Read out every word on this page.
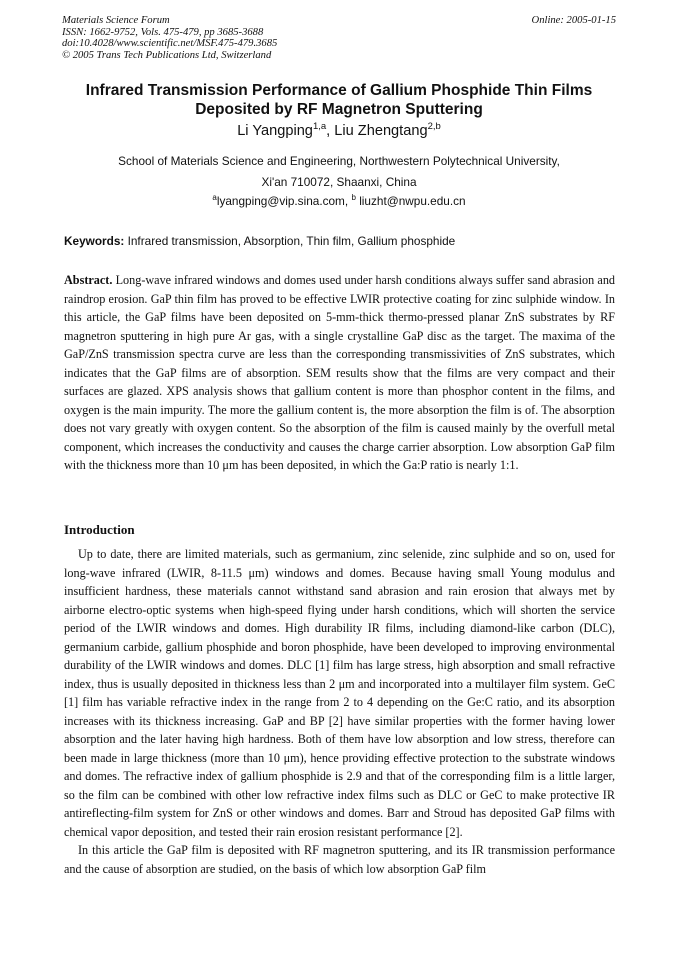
Materials Science Forum
ISSN: 1662-9752, Vols. 475-479, pp 3685-3688
doi:10.4028/www.scientific.net/MSF.475-479.3685
© 2005 Trans Tech Publications Ltd, Switzerland
Online: 2005-01-15
Infrared Transmission Performance of Gallium Phosphide Thin Films Deposited by RF Magnetron Sputtering
Li Yangping$^{1,a}$, Liu Zhengtang$^{2,b}$
School of Materials Science and Engineering, Northwestern Polytechnical University,
Xi'an 710072, Shaanxi, China
$^a$lyangping@vip.sina.com, $^b$ liuzht@nwpu.edu.cn
Keywords: Infrared transmission, Absorption, Thin film, Gallium phosphide

Abstract. Long-wave infrared windows and domes used under harsh conditions always suffer sand abrasion and raindrop erosion. GaP thin film has proved to be effective LWIR protective coating for zinc sulphide window. In this article, the GaP films have been deposited on 5-mm-thick thermo-pressed planar ZnS substrates by RF magnetron sputtering in high pure Ar gas, with a single crystalline GaP disc as the target. The maxima of the GaP/ZnS transmission spectra curve are less than the corresponding transmissivities of ZnS substrates, which indicates that the GaP films are of absorption. SEM results show that the films are very compact and their surfaces are glazed. XPS analysis shows that gallium content is more than phosphor content in the films, and oxygen is the main impurity. The more the gallium content is, the more absorption the film is of. The absorption does not vary greatly with oxygen content. So the absorption of the film is caused mainly by the overfull metal component, which increases the conductivity and causes the charge carrier absorption. Low absorption GaP film with the thickness more than 10 μm has been deposited, in which the Ga:P ratio is nearly 1:1.

Introduction

Up to date, there are limited materials, such as germanium, zinc selenide, zinc sulphide and so on, used for long-wave infrared (LWIR, 8-11.5 μm) windows and domes. Because having small Young modulus and insufficient hardness, these materials cannot withstand sand abrasion and rain erosion that always met by airborne electro-optic systems when high-speed flying under harsh conditions, which will shorten the service period of the LWIR windows and domes. High durability IR films, including diamond-like carbon (DLC), germanium carbide, gallium phosphide and boron phosphide, have been developed to improving environmental durability of the LWIR windows and domes. DLC [1] film has large stress, high absorption and small refractive index, thus is usually deposited in thickness less than 2 μm and incorporated into a multilayer film system. GeC [1] film has variable refractive index in the range from 2 to 4 depending on the Ge:C ratio, and its absorption increases with its thickness increasing. GaP and BP [2] have similar properties with the former having lower absorption and the later having high hardness. Both of them have low absorption and low stress, therefore can been made in large thickness (more than 10 μm), hence providing effective protection to the substrate windows and domes. The refractive index of gallium phosphide is 2.9 and that of the corresponding film is a little larger, so the film can be combined with other low refractive index films such as DLC or GeC to make protective IR antireflecting-film system for ZnS or other windows and domes. Barr and Stroud has deposited GaP films with chemical vapor deposition, and tested their rain erosion resistant performance [2].

In this article the GaP film is deposited with RF magnetron sputtering, and its IR transmission performance and the cause of absorption are studied, on the basis of which low absorption GaP film
